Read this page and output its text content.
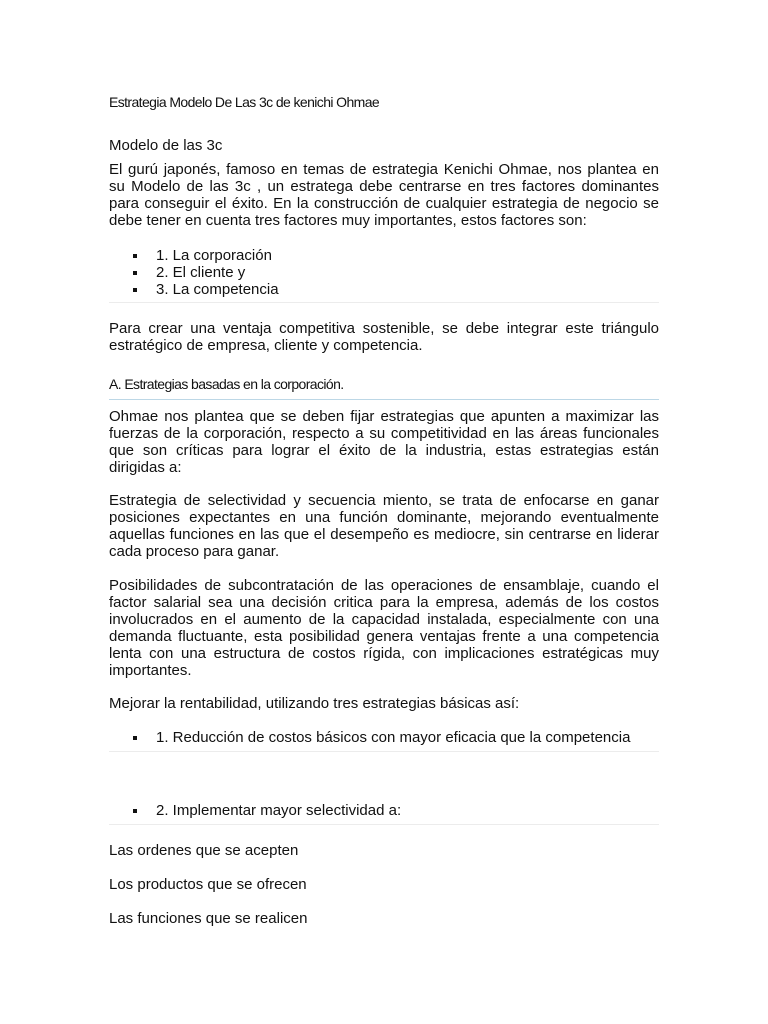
Estrategia Modelo De Las 3c de kenichi Ohmae
Modelo de las 3c
El gurú japonés, famoso en temas de estrategia Kenichi Ohmae, nos plantea en su Modelo de las 3c , un estratega debe centrarse en tres factores dominantes para conseguir el éxito. En la construcción de cualquier estrategia de negocio se debe tener en cuenta tres factores muy importantes, estos factores son:
1. La corporación
2. El cliente y
3. La competencia
Para crear una ventaja competitiva sostenible, se debe integrar este triángulo estratégico de empresa, cliente y competencia.
A. Estrategias basadas en la corporación.
Ohmae nos plantea que se deben fijar estrategias que apunten a maximizar las fuerzas de la corporación, respecto a su competitividad en las áreas funcionales que son críticas para lograr el éxito de la industria, estas estrategias están dirigidas a:
Estrategia de selectividad y secuencia miento, se trata de enfocarse en ganar posiciones expectantes en una función dominante, mejorando eventualmente aquellas funciones en las que el desempeño es mediocre, sin centrarse en liderar cada proceso para ganar.
Posibilidades de subcontratación de las operaciones de ensamblaje, cuando el factor salarial sea una decisión critica para la empresa, además de los costos involucrados en el aumento de la capacidad instalada, especialmente con una demanda fluctuante, esta posibilidad genera ventajas frente a una competencia lenta con una estructura de costos rígida, con implicaciones estratégicas muy importantes.
Mejorar la rentabilidad, utilizando tres estrategias básicas así:
1. Reducción de costos básicos con mayor eficacia que la competencia
2. Implementar mayor selectividad a:
Las ordenes que se acepten
Los productos que se ofrecen
Las funciones que se realicen
